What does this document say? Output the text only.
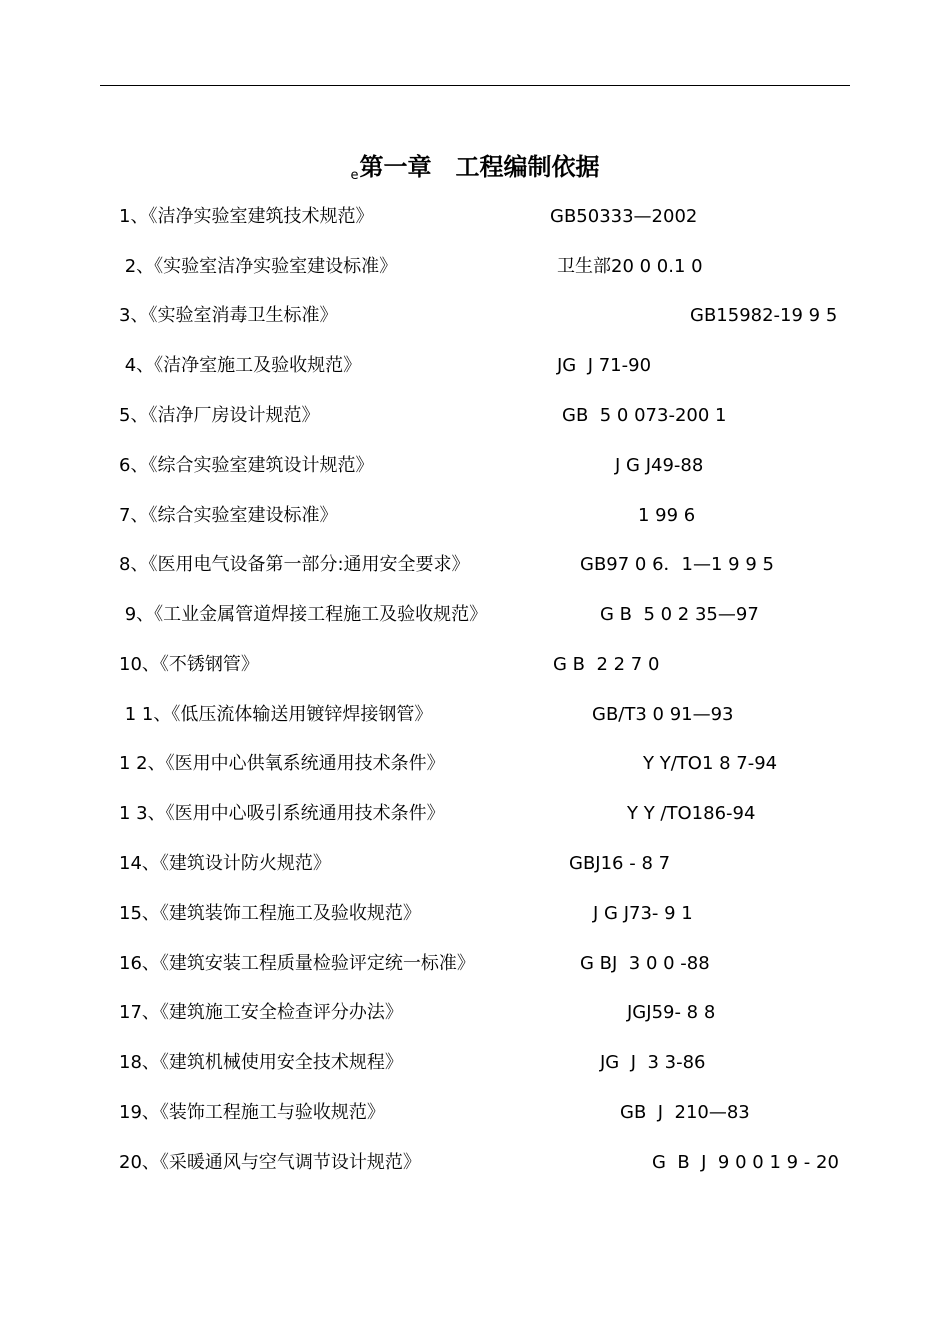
e第一章　工程编制依据
1、《洁净实验室建筑技术规范》	GB50333—2002
2、《实验室洁净实验室建设标准》	卫生部20 0 0.1 0
3、《实验室消毒卫生标准》	GB15982-19 9 5
4、《洁净室施工及验收规范》	JG  J 71-90
5、《洁净厂房设计规范》	GB  5 0 073-200 1
6、《综合实验室建筑设计规范》	J G J49-88
7、《综合实验室建设标准》	1 99 6
8、《医用电气设备第一部分:通用安全要求》	GB97 0 6．1—1 9 9 5
9、《工业金属管道焊接工程施工及验收规范》	G B  5 0 2 35—97
10、《不锈钢管》	G B  2 2 7 0
1 1、《低压流体输送用镀锌焊接钢管》	GB/T3 0 91—93
1 2、《医用中心供氧系统通用技术条件》	Y Y/TO1 8 7-94
1 3、《医用中心吸引系统通用技术条件》	Y Y /TO186-94
14、《建筑设计防火规范》	GBJ16 - 8 7
15、《建筑装饰工程施工及验收规范》	J G J73- 9 1
16、《建筑安装工程质量检验评定统一标准》	G BJ  3 0 0 -88
17、《建筑施工安全检查评分办法》	JGJ59- 8 8
18、《建筑机械使用安全技术规程》	JG  J  3 3-86
19、《装饰工程施工与验收规范》	GB  J  210—83
20、《采暖通风与空气调节设计规范》	G  B  J  9 0 0 1 9 - 20
